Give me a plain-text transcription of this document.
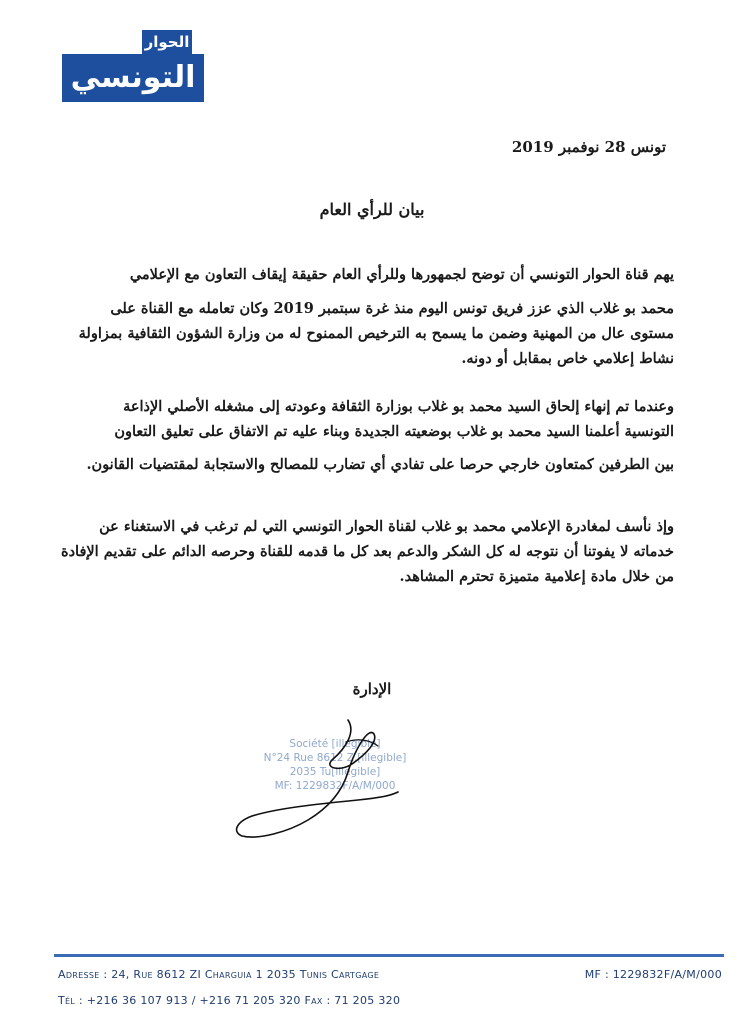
الحوار
التونسي
تونس 28 نوفمبر 2019
بيان للرأي العام
يهم قناة الحوار التونسي أن توضح لجمهورها وللرأي العام حقيقة إيقاف التعاون مع الإعلامي
محمد بو غلاب الذي عزز فريق تونس اليوم منذ غرة سبتمبر 2019 وكان تعامله مع القناة على
مستوى عال من المهنية وضمن ما يسمح به الترخيص الممنوح له من وزارة الشؤون الثقافية بمزاولة
نشاط إعلامي خاص بمقابل أو دونه.
وعندما تم إنهاء إلحاق السيد محمد بو غلاب بوزارة الثقافة وعودته إلى مشغله الأصلي الإذاعة
التونسية أعلمنا السيد محمد بو غلاب بوضعيته الجديدة وبناء عليه تم الاتفاق على تعليق التعاون
بين الطرفين كمتعاون خارجي حرصا على تفادي أي تضارب للمصالح والاستجابة لمقتضيات القانون.
وإذ نأسف لمغادرة الإعلامي محمد بو غلاب لقناة الحوار التونسي التي لم ترغب في الاستغناء عن
خدماته لا يفوتنا أن نتوجه له كل الشكر والدعم بعد كل ما قدمه للقناة وحرصه الدائم على تقديم الإفادة
من خلال مادة إعلامية متميزة تحترم المشاهد.
الإدارة
Société [illegible]
N°24 Rue 8612 Z.[illegible]
2035 Tu[illegible]
MF: 1229832F/A/M/000
Adresse : 24, Rue 8612 ZI Charguia 1 2035 Tunis Cartgage	MF : 1229832F/A/M/000
Tél : +216 36 107 913 / +216 71 205 320 Fax : 71 205 320
